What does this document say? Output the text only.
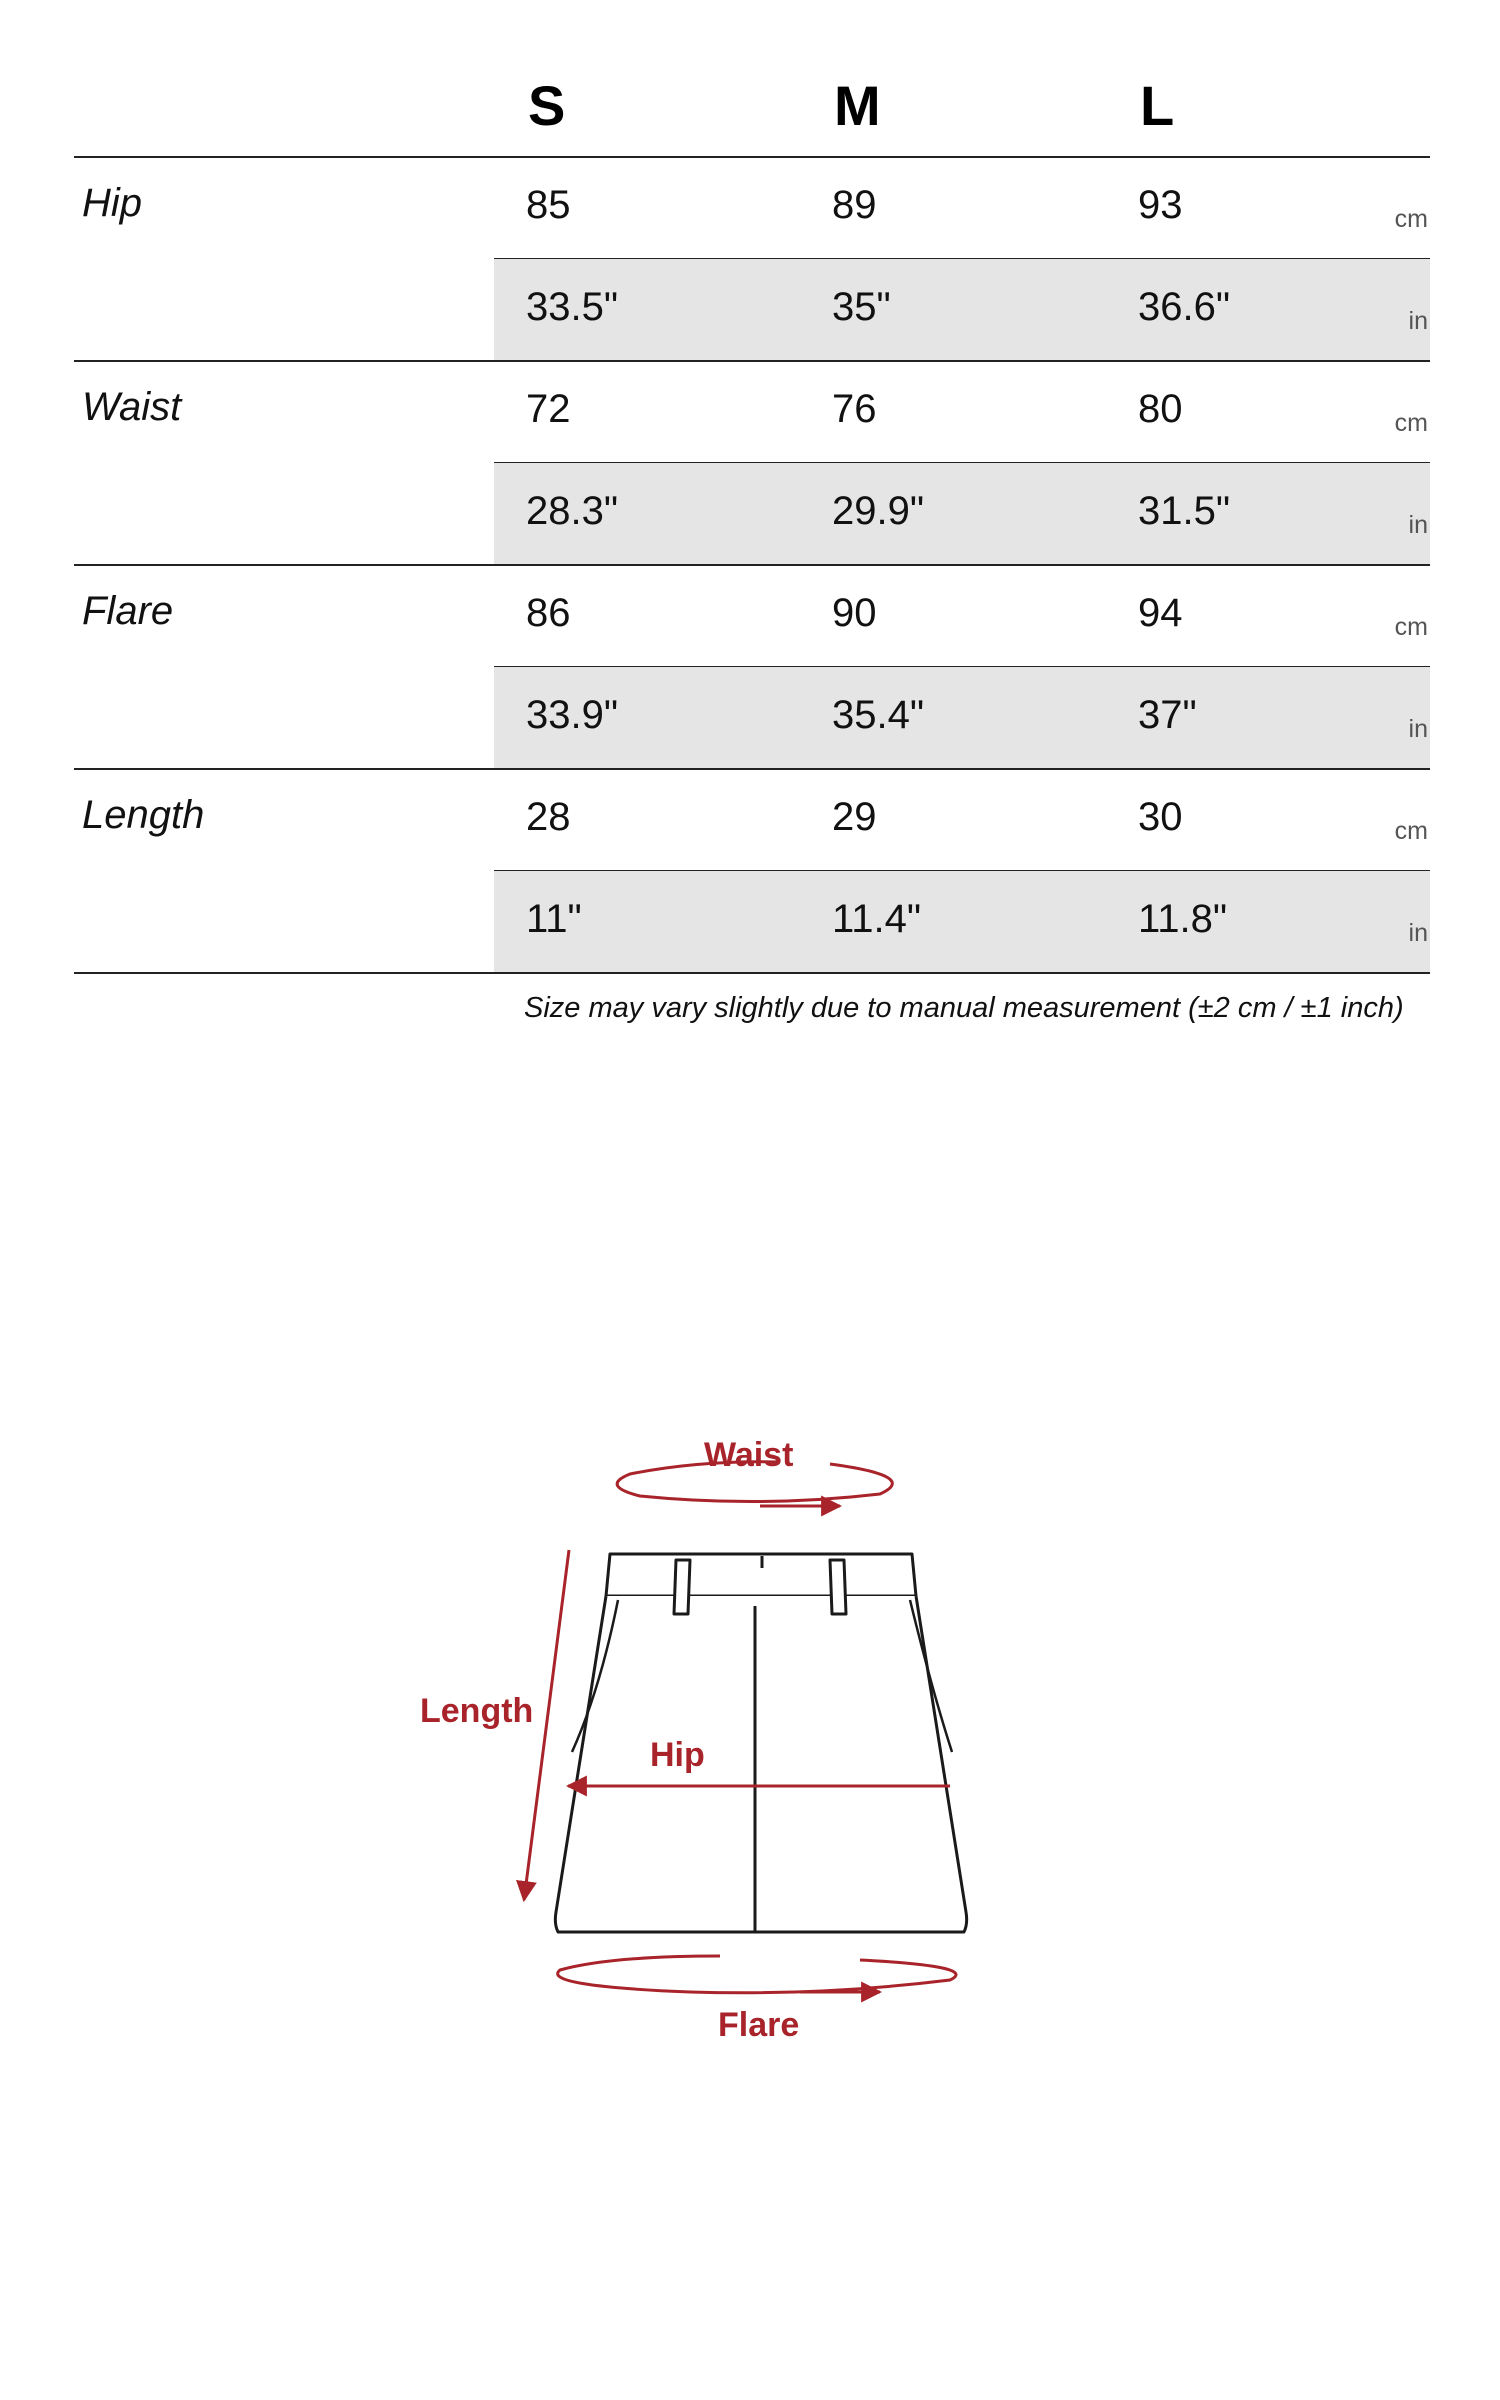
S	M	L
Hip	85	89	93	cm
33.5"	35"	36.6"	in
Waist	72	76	80	cm
28.3"	29.9"	31.5"	in
Flare	86	90	94	cm
33.9"	35.4"	37"	in
Length	28	29	30	cm
11"	11.4"	11.8"	in
Size may vary slightly due to manual measurement (±2 cm / ±1 inch)
Waist
Length
Hip
Flare
